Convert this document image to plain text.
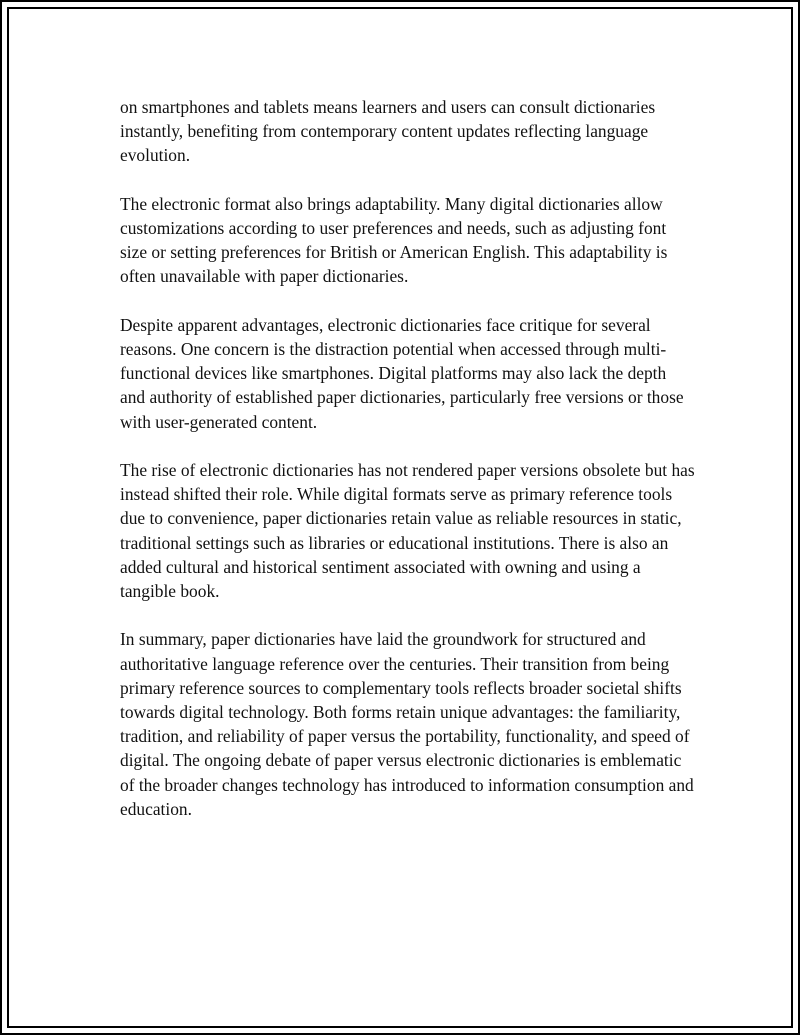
on smartphones and tablets means learners and users can consult dictionaries instantly, benefiting from contemporary content updates reflecting language evolution.

The electronic format also brings adaptability. Many digital dictionaries allow customizations according to user preferences and needs, such as adjusting font size or setting preferences for British or American English. This adaptability is often unavailable with paper dictionaries.

Despite apparent advantages, electronic dictionaries face critique for several reasons. One concern is the distraction potential when accessed through multi-functional devices like smartphones. Digital platforms may also lack the depth and authority of established paper dictionaries, particularly free versions or those with user-generated content.

The rise of electronic dictionaries has not rendered paper versions obsolete but has instead shifted their role. While digital formats serve as primary reference tools due to convenience, paper dictionaries retain value as reliable resources in static, traditional settings such as libraries or educational institutions. There is also an added cultural and historical sentiment associated with owning and using a tangible book.

In summary, paper dictionaries have laid the groundwork for structured and authoritative language reference over the centuries. Their transition from being primary reference sources to complementary tools reflects broader societal shifts towards digital technology. Both forms retain unique advantages: the familiarity, tradition, and reliability of paper versus the portability, functionality, and speed of digital. The ongoing debate of paper versus electronic dictionaries is emblematic of the broader changes technology has introduced to information consumption and education.
